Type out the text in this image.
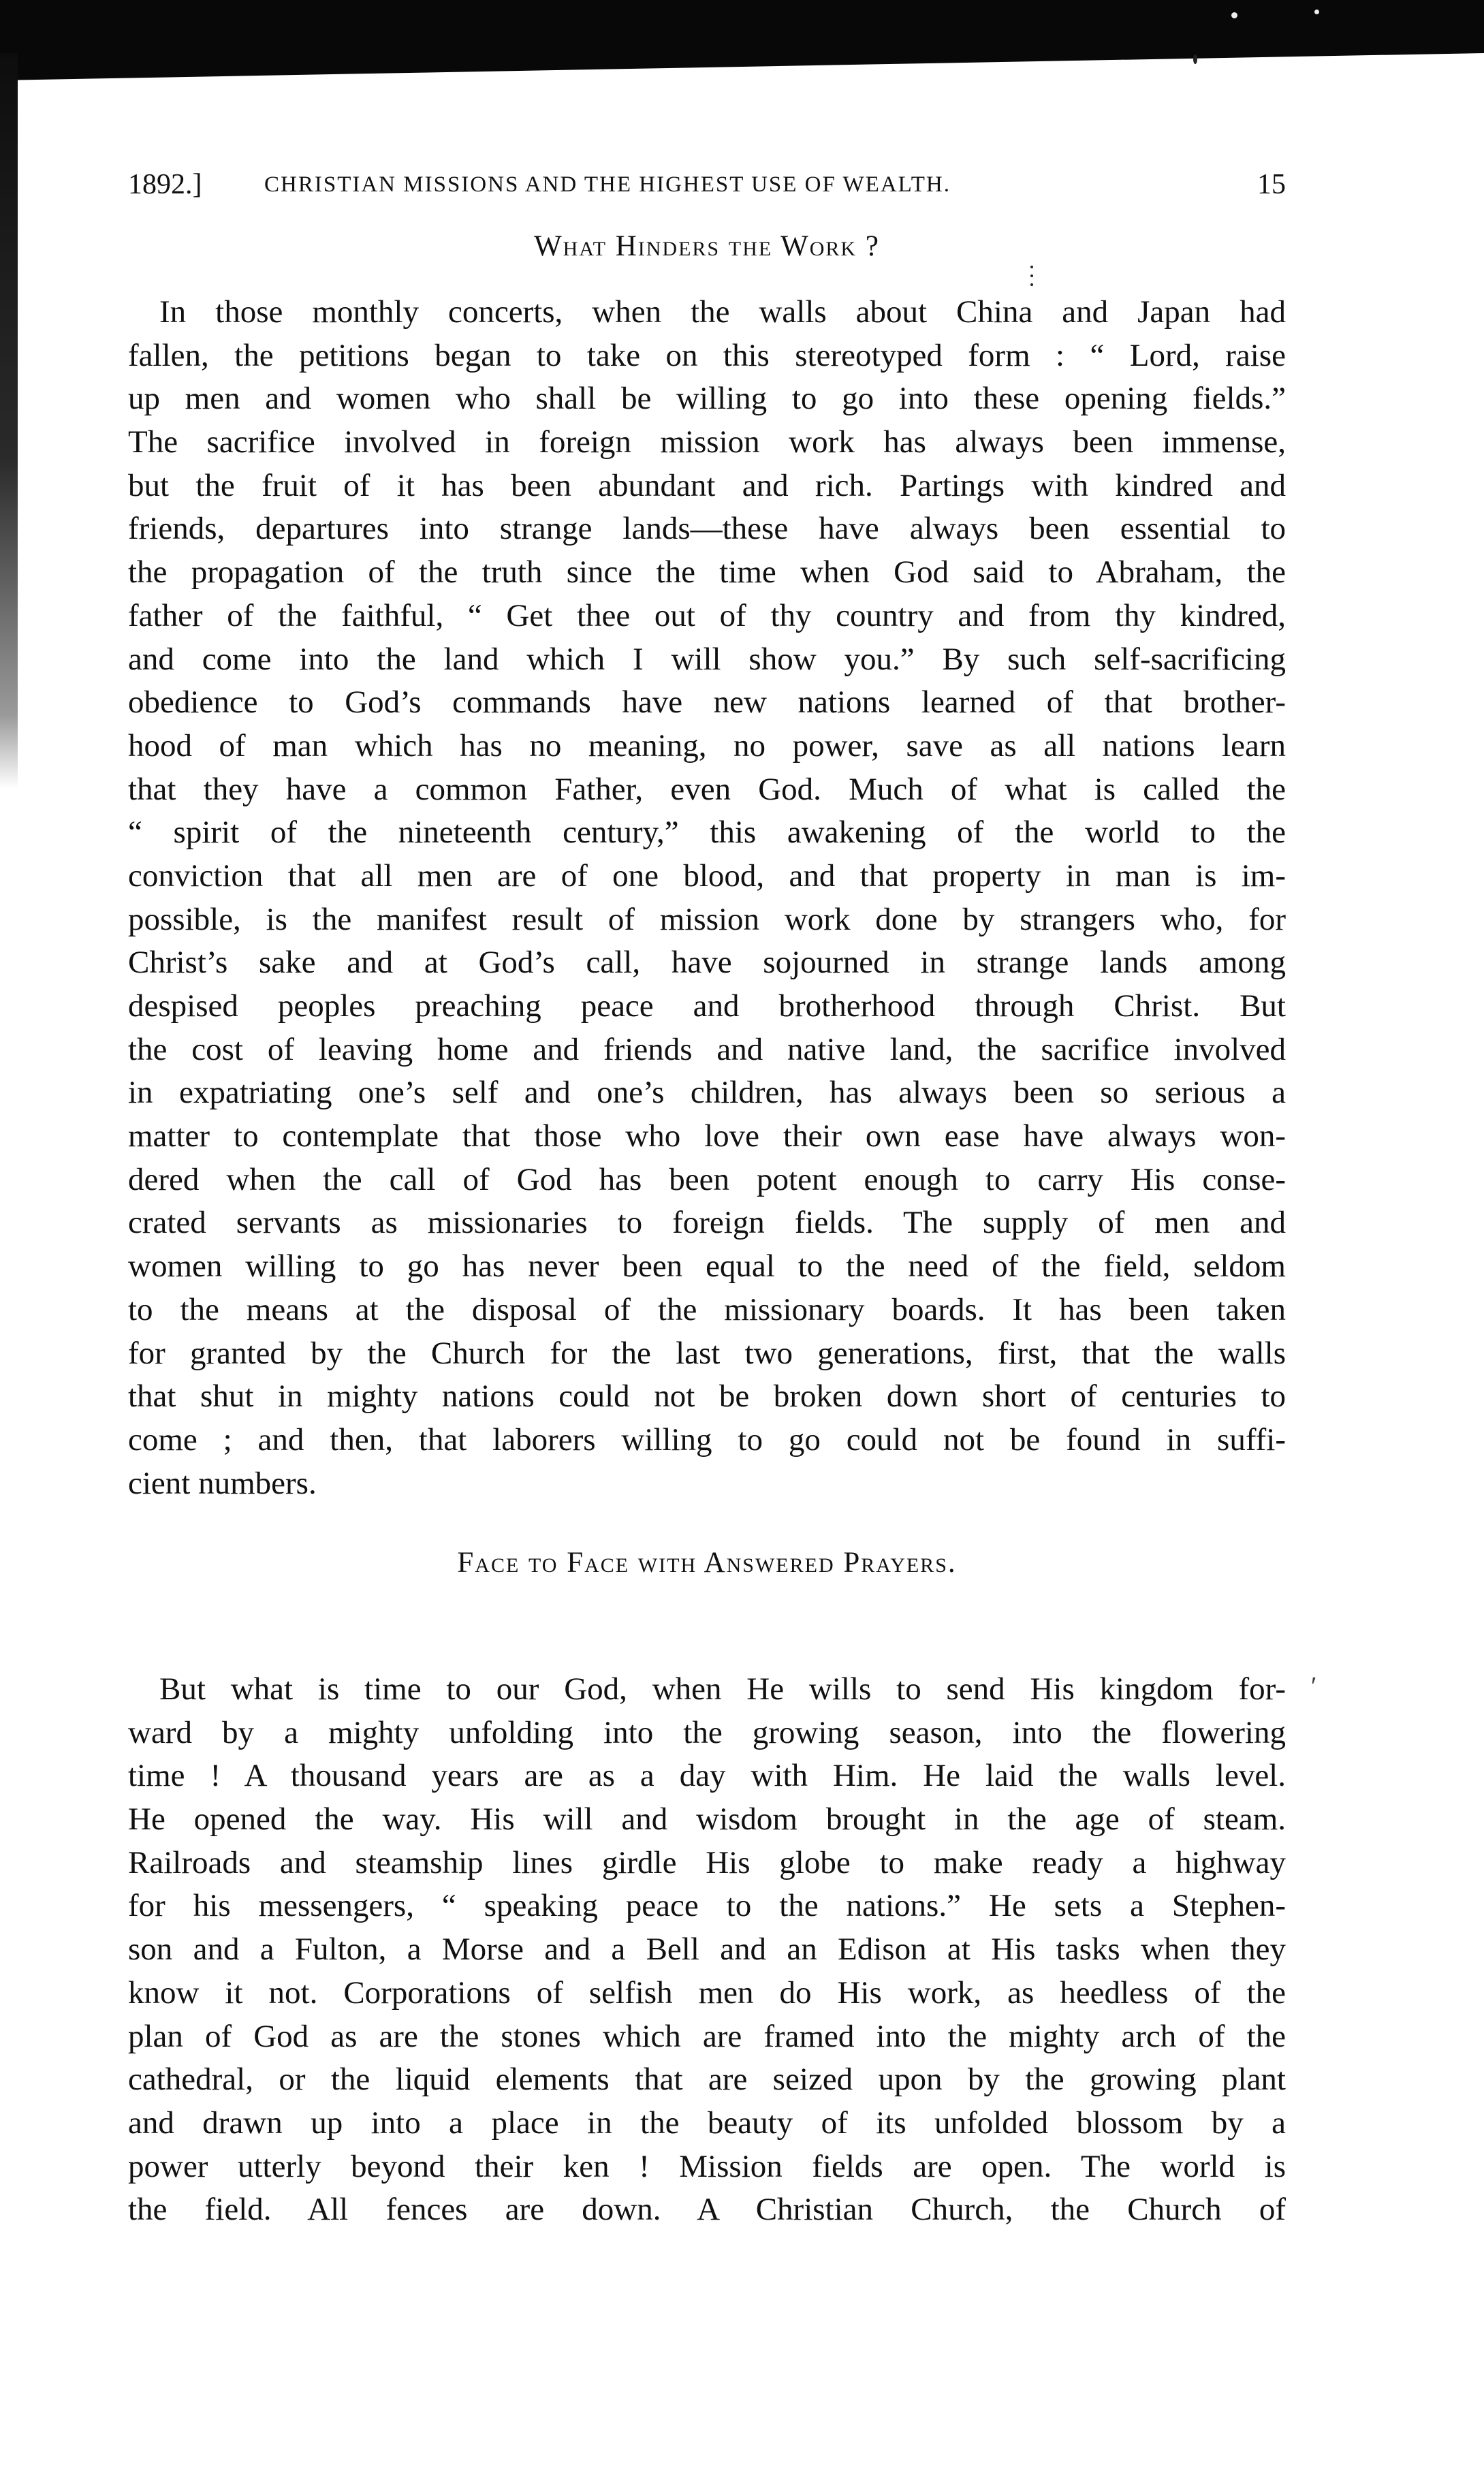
1892.]	CHRISTIAN MISSIONS AND THE HIGHEST USE OF WEALTH.	15
What Hinders the Work ?
In those monthly concerts, when the walls about China and Japan had
fallen, the petitions began to take on this stereotyped form : “ Lord, raise
up men and women who shall be willing to go into these opening fields.”
The sacrifice involved in foreign mission work has always been immense,
but the fruit of it has been abundant and rich. Partings with kindred and
friends, departures into strange lands—these have always been essential to
the propagation of the truth since the time when God said to Abraham, the
father of the faithful, “ Get thee out of thy country and from thy kindred,
and come into the land which I will show you.” By such self-sacrificing
obedience to God’s commands have new nations learned of that brother-
hood of man which has no meaning, no power, save as all nations learn
that they have a common Father, even God. Much of what is called the
“ spirit of the nineteenth century,” this awakening of the world to the
conviction that all men are of one blood, and that property in man is im-
possible, is the manifest result of mission work done by strangers who, for
Christ’s sake and at God’s call, have sojourned in strange lands among
despised peoples preaching peace and brotherhood through Christ. But
the cost of leaving home and friends and native land, the sacrifice involved
in expatriating one’s self and one’s children, has always been so serious a
matter to contemplate that those who love their own ease have always won-
dered when the call of God has been potent enough to carry His conse-
crated servants as missionaries to foreign fields. The supply of men and
women willing to go has never been equal to the need of the field, seldom
to the means at the disposal of the missionary boards. It has been taken
for granted by the Church for the last two generations, first, that the walls
that shut in mighty nations could not be broken down short of centuries to
come ; and then, that laborers willing to go could not be found in suffi-
cient numbers.
Face to Face with Answered Prayers.
But what is time to our God, when He wills to send His kingdom for-
ward by a mighty unfolding into the growing season, into the flowering
time ! A thousand years are as a day with Him. He laid the walls level.
He opened the way. His will and wisdom brought in the age of steam.
Railroads and steamship lines girdle His globe to make ready a highway
for his messengers, “ speaking peace to the nations.” He sets a Stephen-
son and a Fulton, a Morse and a Bell and an Edison at His tasks when they
know it not. Corporations of selfish men do His work, as heedless of the
plan of God as are the stones which are framed into the mighty arch of the
cathedral, or the liquid elements that are seized upon by the growing plant
and drawn up into a place in the beauty of its unfolded blossom by a
power utterly beyond their ken ! Mission fields are open. The world is
the field. All fences are down. A Christian Church, the Church of
′
